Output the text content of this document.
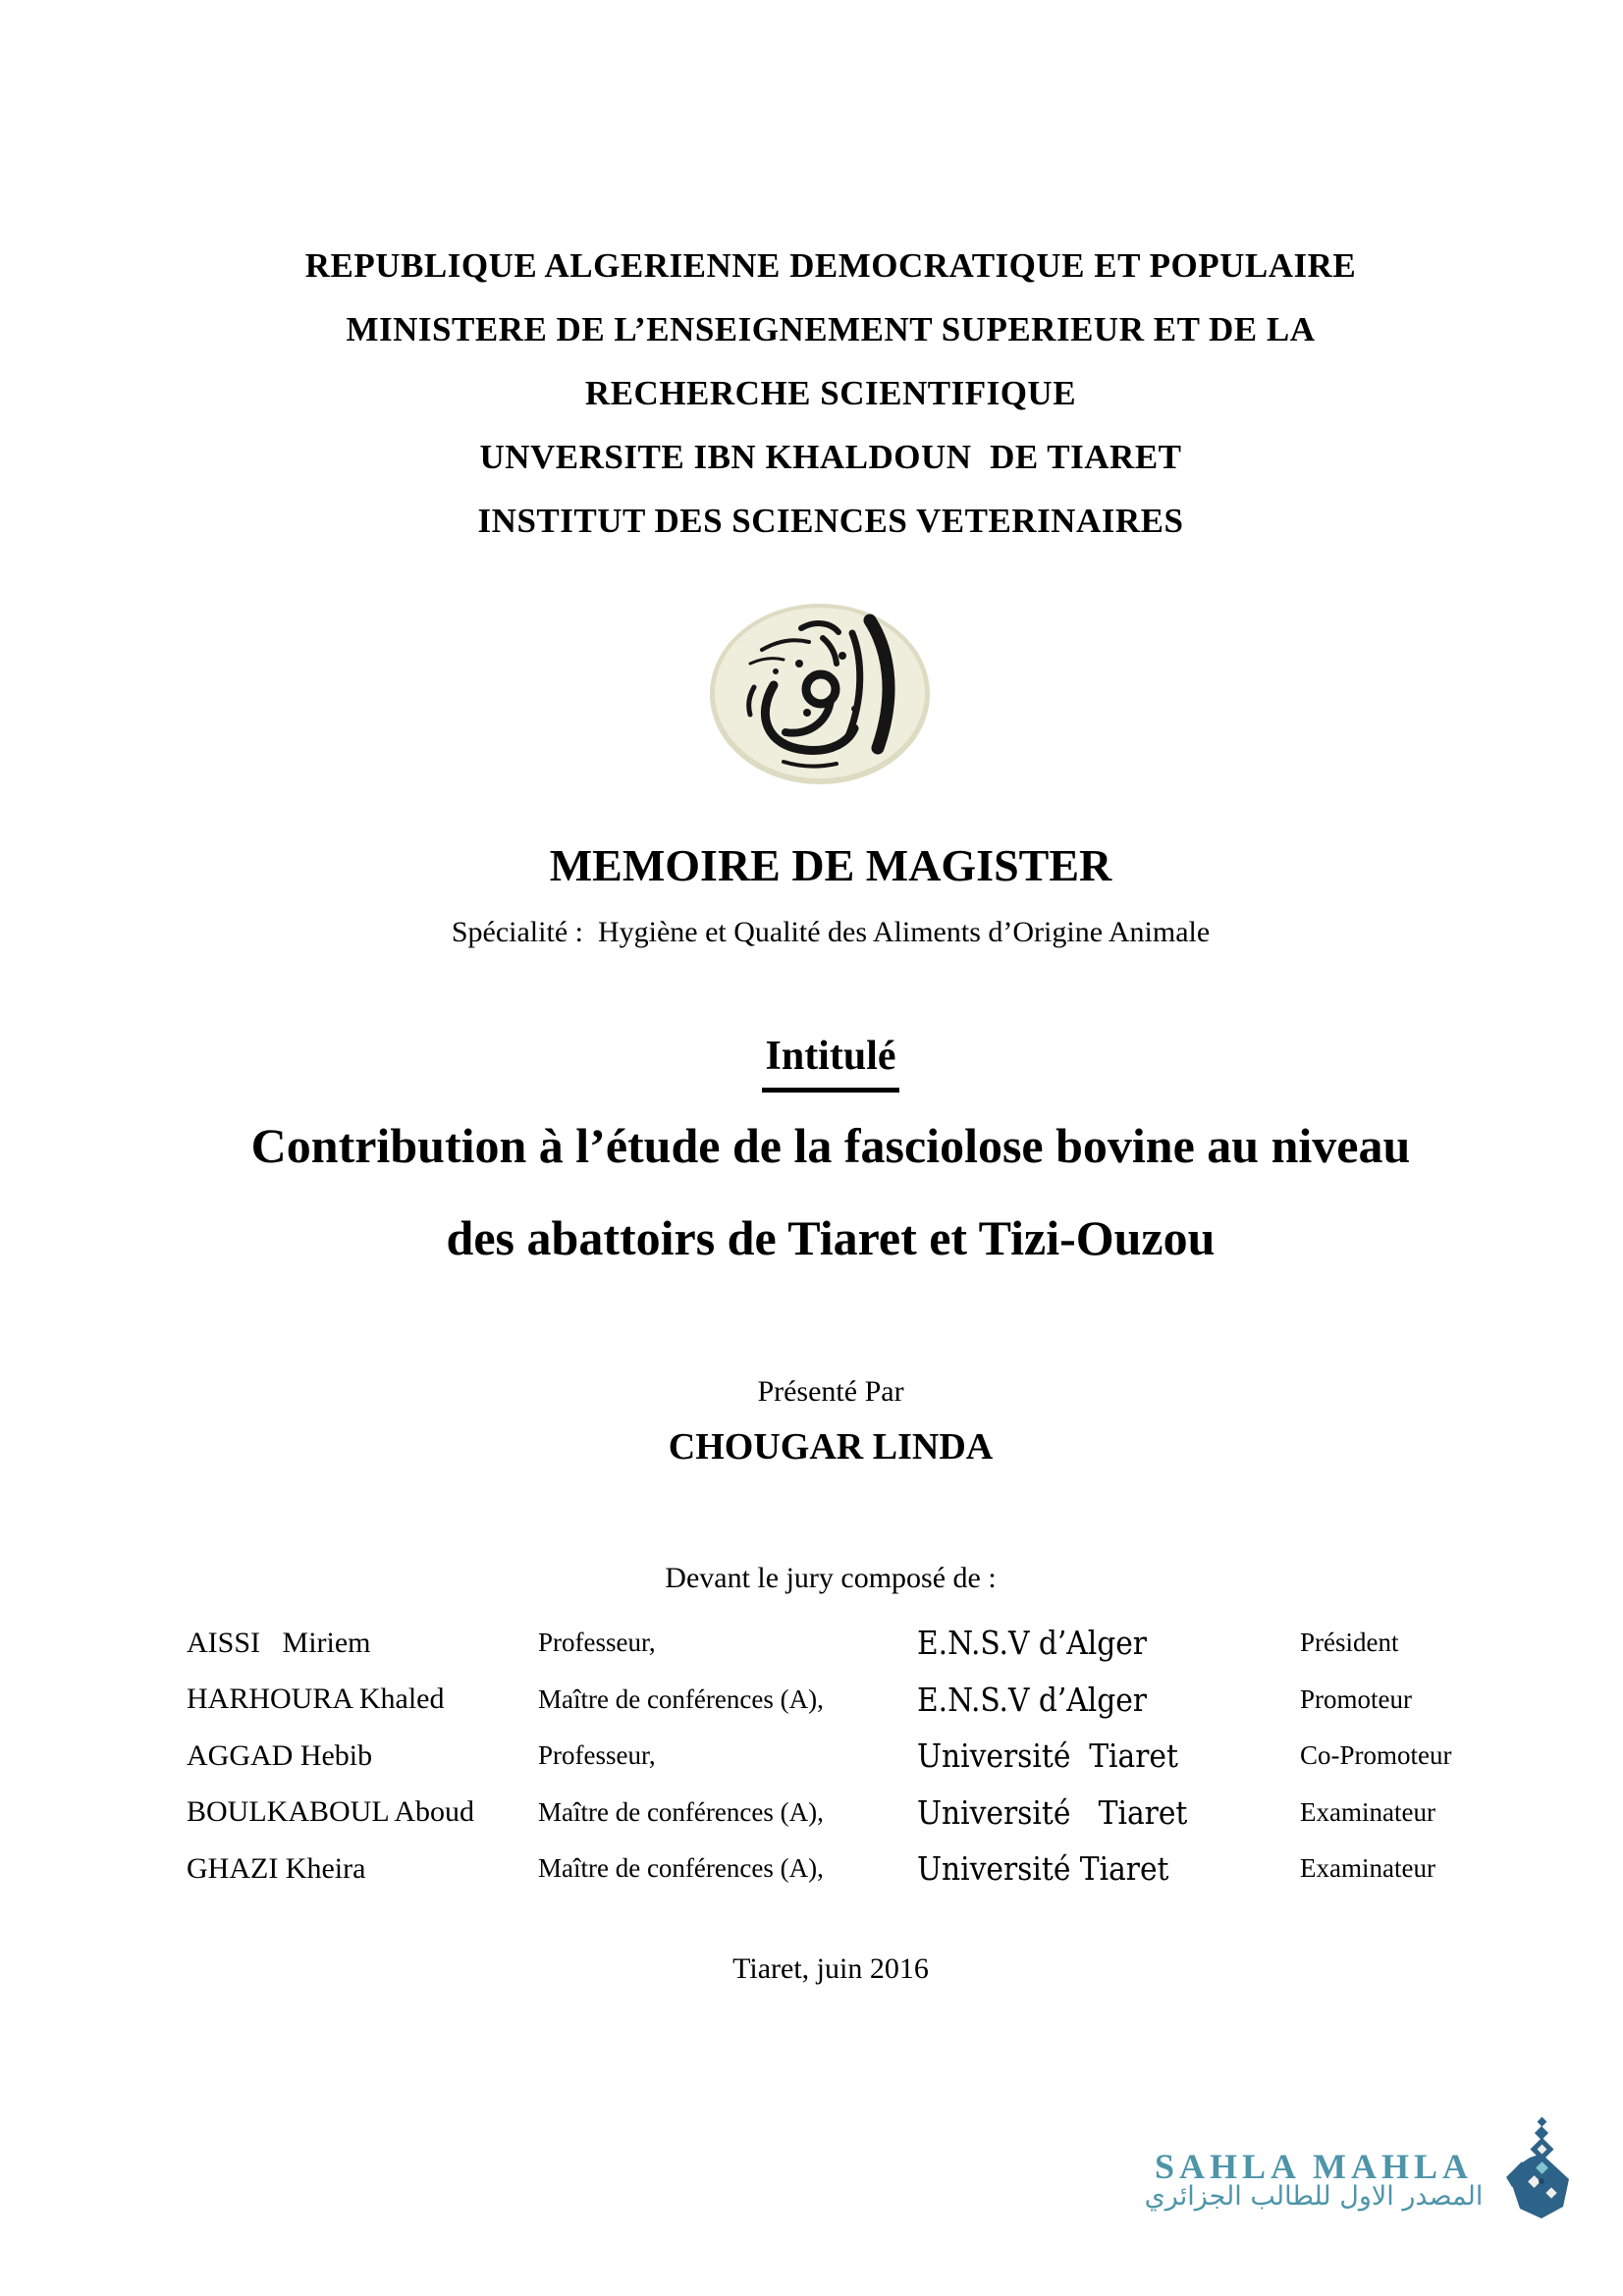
REPUBLIQUE ALGERIENNE DEMOCRATIQUE ET POPULAIRE
MINISTERE DE L’ENSEIGNEMENT SUPERIEUR ET DE LA
RECHERCHE SCIENTIFIQUE
UNVERSITE IBN KHALDOUN  DE TIARET
INSTITUT DES SCIENCES VETERINAIRES
MEMOIRE DE MAGISTER
Spécialité :  Hygiène et Qualité des Aliments d’Origine Animale
Intitulé
Contribution à l’étude de la fasciolose bovine au niveau
des abattoirs de Tiaret et Tizi-Ouzou
Présenté Par
CHOUGAR LINDA
Devant le jury composé de :
AISSI   Miriem	Professeur,	E.N.S.V d’Alger	Président
HARHOURA Khaled	Maître de conférences (A),	E.N.S.V d’Alger	Promoteur
AGGAD Hebib	Professeur,	Université  Tiaret	Co-Promoteur
BOULKABOUL Aboud	Maître de conférences (A),	Université   Tiaret	Examinateur
GHAZI Kheira	Maître de conférences (A),	Université Tiaret	Examinateur
Tiaret, juin 2016
SAHLA MAHLA
المصدر الاول للطالب الجزائري
